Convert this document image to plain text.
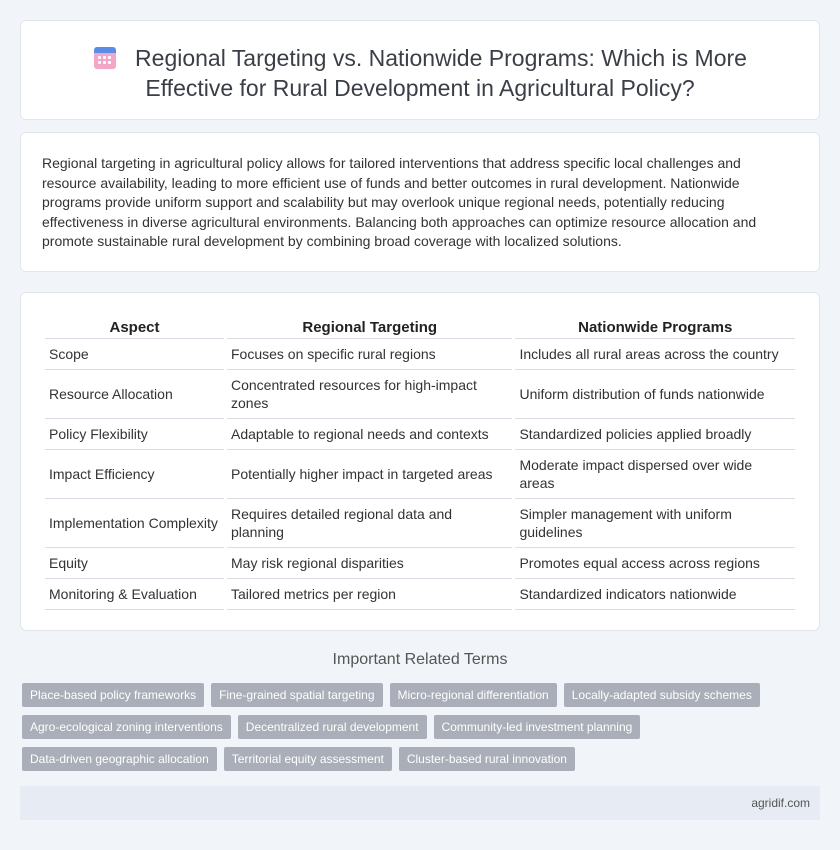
Regional Targeting vs. Nationwide Programs: Which is More Effective for Rural Development in Agricultural Policy?

Regional targeting in agricultural policy allows for tailored interventions that address specific local challenges and resource availability, leading to more efficient use of funds and better outcomes in rural development. Nationwide programs provide uniform support and scalability but may overlook unique regional needs, potentially reducing effectiveness in diverse agricultural environments. Balancing both approaches can optimize resource allocation and promote sustainable rural development by combining broad coverage with localized solutions.

Aspect	Regional Targeting	Nationwide Programs
Scope	Focuses on specific rural regions	Includes all rural areas across the country
Resource Allocation	Concentrated resources for high-impact zones	Uniform distribution of funds nationwide
Policy Flexibility	Adaptable to regional needs and contexts	Standardized policies applied broadly
Impact Efficiency	Potentially higher impact in targeted areas	Moderate impact dispersed over wide areas
Implementation Complexity	Requires detailed regional data and planning	Simpler management with uniform guidelines
Equity	May risk regional disparities	Promotes equal access across regions
Monitoring & Evaluation	Tailored metrics per region	Standardized indicators nationwide
Important Related Terms
Place-based policy frameworks	Fine-grained spatial targeting	Micro-regional differentiation	Locally-adapted subsidy schemes
Agro-ecological zoning interventions	Decentralized rural development	Community-led investment planning
Data-driven geographic allocation	Territorial equity assessment	Cluster-based rural innovation
agridif.com
